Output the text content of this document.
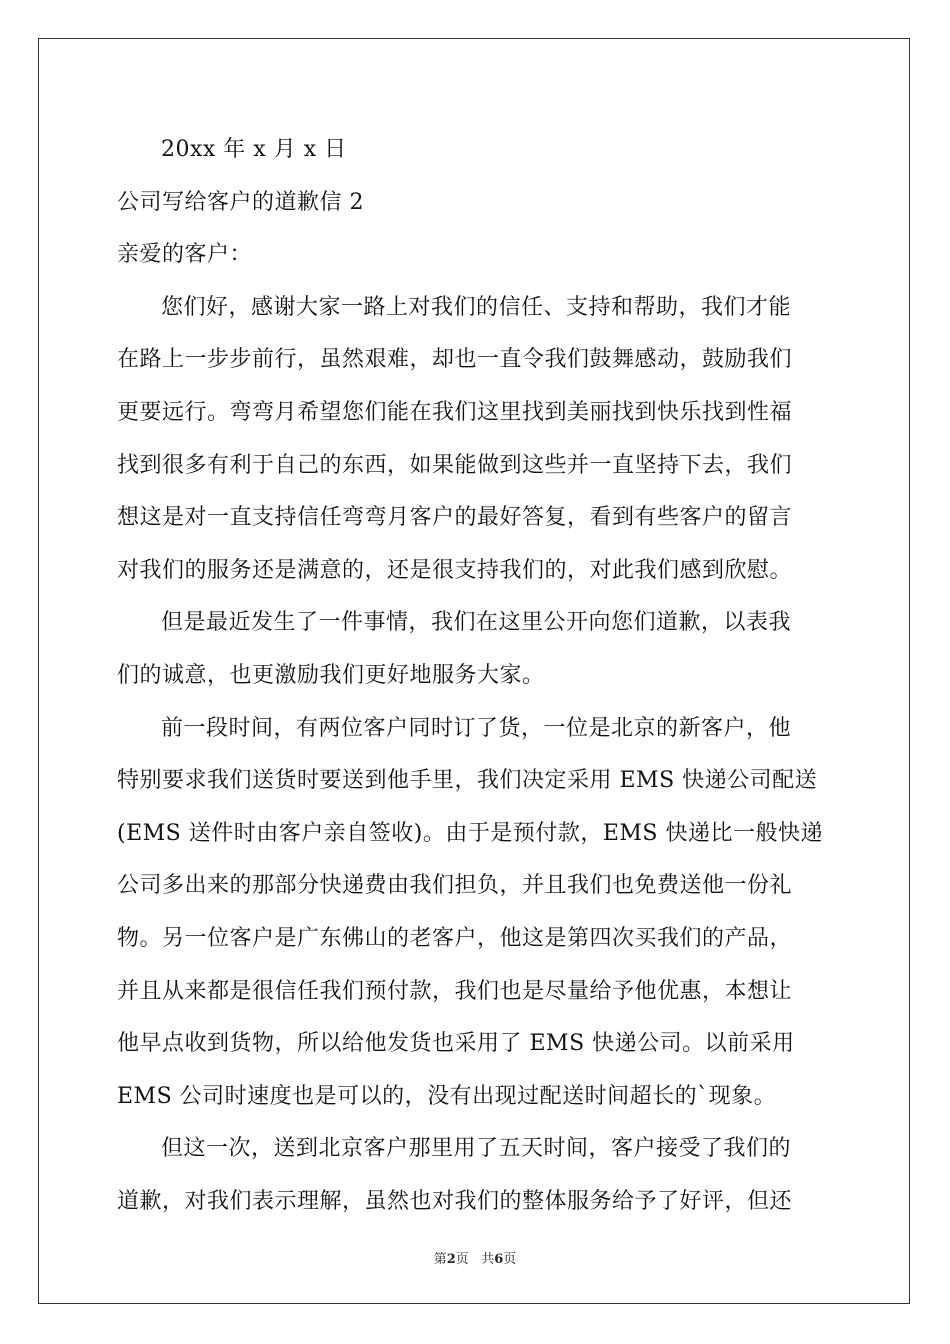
20xx 年 x 月 x 日
公司写给客户的道歉信 2
亲爱的客户：
您们好，感谢大家一路上对我们的信任、支持和帮助，我们才能
在路上一步步前行，虽然艰难，却也一直令我们鼓舞感动，鼓励我们
更要远行。弯弯月希望您们能在我们这里找到美丽找到快乐找到性福
找到很多有利于自己的东西，如果能做到这些并一直坚持下去，我们
想这是对一直支持信任弯弯月客户的最好答复，看到有些客户的留言
对我们的服务还是满意的，还是很支持我们的，对此我们感到欣慰。
但是最近发生了一件事情，我们在这里公开向您们道歉，以表我
们的诚意，也更激励我们更好地服务大家。
前一段时间，有两位客户同时订了货，一位是北京的新客户，他
特别要求我们送货时要送到他手里，我们决定采用 EMS 快递公司配送
(EMS 送件时由客户亲自签收)。由于是预付款，EMS 快递比一般快递
公司多出来的那部分快递费由我们担负，并且我们也免费送他一份礼
物。另一位客户是广东佛山的老客户，他这是第四次买我们的产品，
并且从来都是很信任我们预付款，我们也是尽量给予他优惠，本想让
他早点收到货物，所以给他发货也采用了 EMS 快递公司。以前采用
EMS 公司时速度也是可以的，没有出现过配送时间超长的`现象。
但这一次，送到北京客户那里用了五天时间，客户接受了我们的
道歉，对我们表示理解，虽然也对我们的整体服务给予了好评，但还
第2页 共6页
